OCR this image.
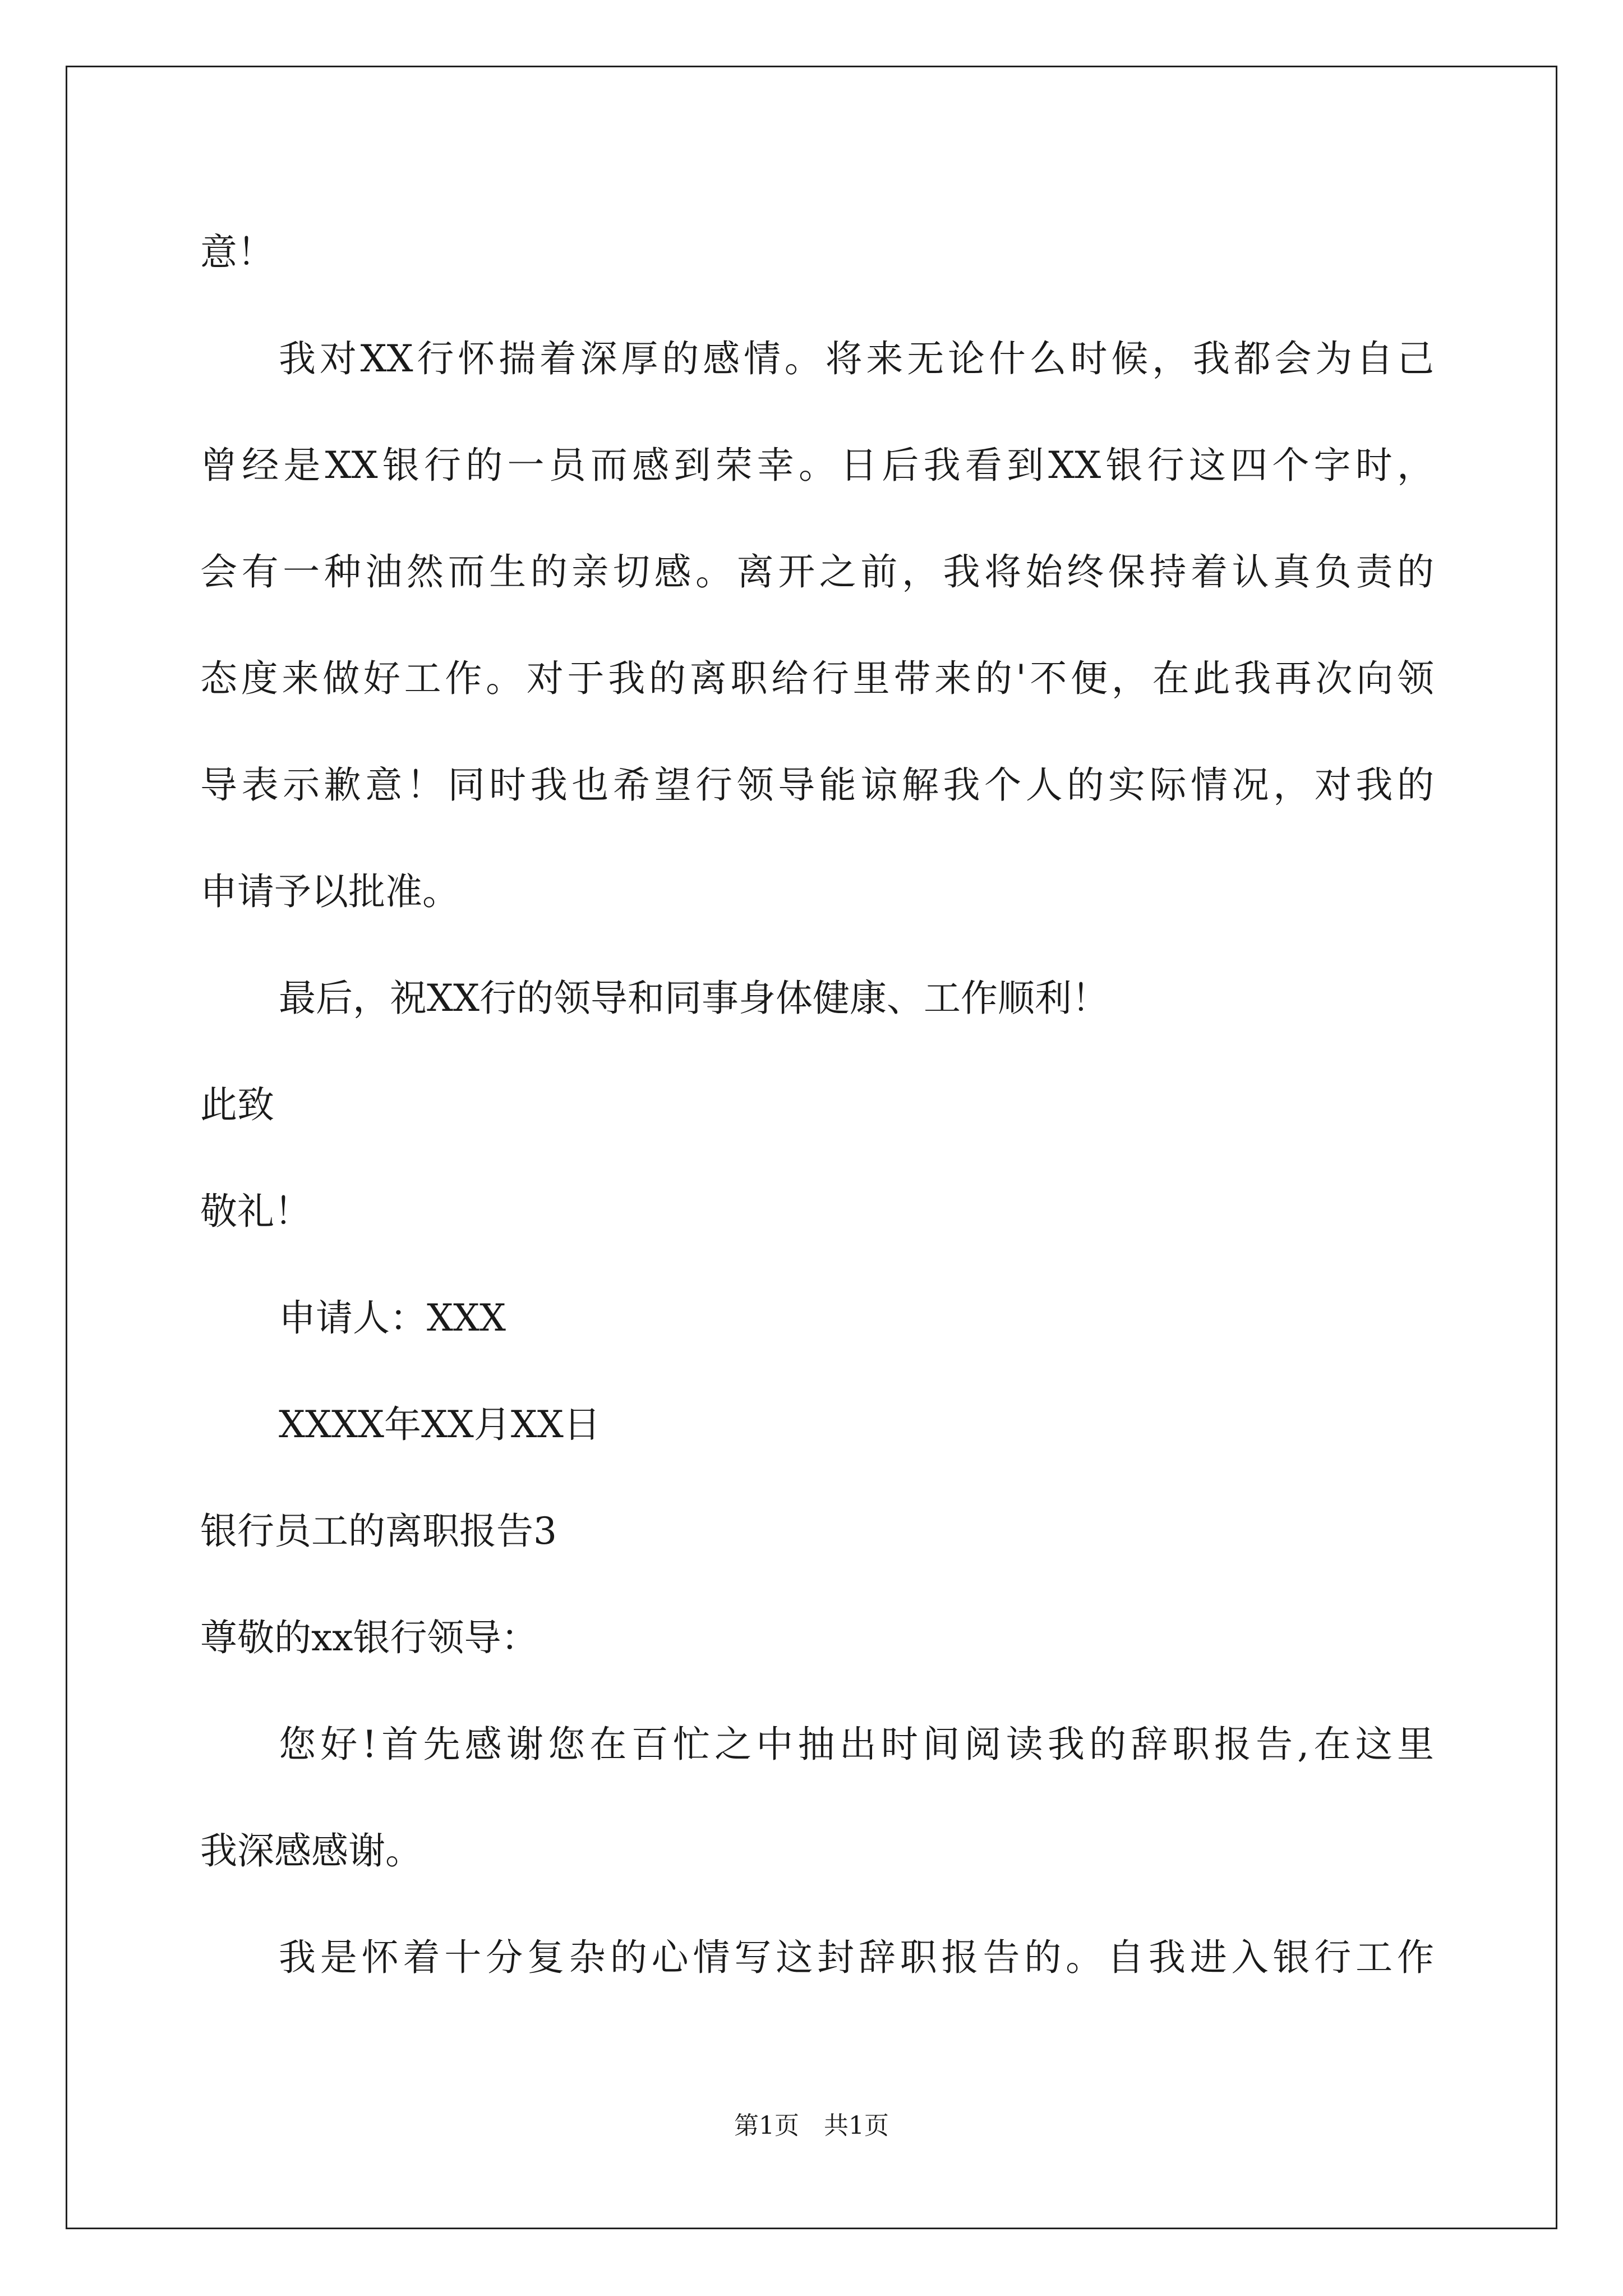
意！
我对XX行怀揣着深厚的感情。将来无论什么时候，我都会为自己
曾经是XX银行的一员而感到荣幸。日后我看到XX银行这四个字时，
会有一种油然而生的亲切感。离开之前，我将始终保持着认真负责的
态度来做好工作。对于我的离职给行里带来的'不便，在此我再次向领
导表示歉意！同时我也希望行领导能谅解我个人的实际情况，对我的
申请予以批准。
最后，祝XX行的领导和同事身体健康、工作顺利！
此致
敬礼！
申请人：XXX
XXXX年XX月XX日
银行员工的离职报告3
尊敬的xx银行领导：
您好!首先感谢您在百忙之中抽出时间阅读我的辞职报告,在这里
我深感感谢。
我是怀着十分复杂的心情写这封辞职报告的。自我进入银行工作
第1页　共1页
